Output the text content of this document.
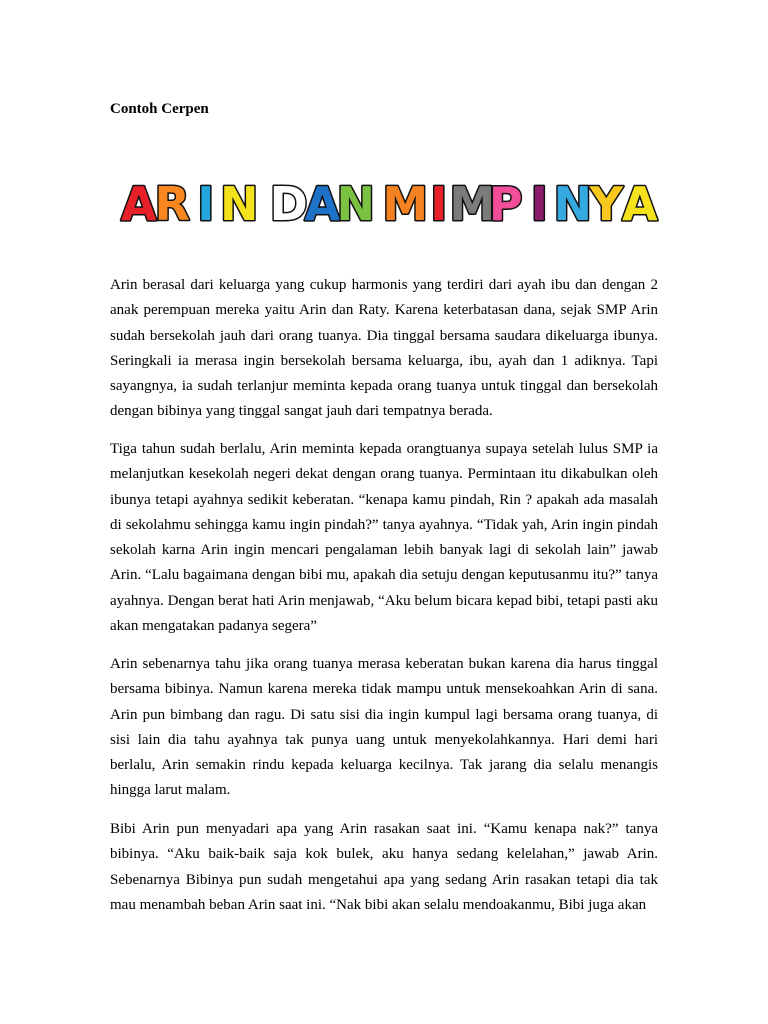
Contoh Cerpen

A
R I N D
A
N M I M
P I N
Y A

Arin berasal dari keluarga yang cukup harmonis yang terdiri dari ayah ibu dan dengan 2 anak perempuan mereka yaitu Arin dan Raty. Karena keterbatasan dana, sejak SMP Arin sudah bersekolah jauh dari orang tuanya. Dia tinggal bersama saudara dikeluarga ibunya. Seringkali ia merasa ingin bersekolah bersama keluarga, ibu, ayah dan 1 adiknya. Tapi sayangnya, ia sudah terlanjur meminta kepada orang tuanya untuk tinggal dan bersekolah dengan bibinya yang tinggal sangat jauh dari tempatnya berada.

Tiga tahun sudah berlalu, Arin meminta kepada orangtuanya supaya setelah lulus SMP ia melanjutkan kesekolah negeri dekat dengan orang tuanya. Permintaan itu dikabulkan oleh ibunya tetapi ayahnya sedikit keberatan. “kenapa kamu pindah, Rin ? apakah ada masalah di sekolahmu sehingga kamu ingin pindah?” tanya ayahnya. “Tidak yah, Arin ingin pindah sekolah karna Arin ingin mencari pengalaman lebih banyak lagi di sekolah lain” jawab Arin. “Lalu bagaimana dengan bibi mu, apakah dia setuju dengan keputusanmu itu?” tanya ayahnya. Dengan berat hati Arin menjawab, “Aku belum bicara kepad bibi, tetapi pasti aku akan mengatakan padanya segera”

Arin sebenarnya tahu jika orang tuanya merasa keberatan bukan karena dia harus tinggal bersama bibinya. Namun karena mereka tidak mampu untuk mensekoahkan Arin di sana. Arin pun bimbang dan ragu. Di satu sisi dia ingin kumpul lagi bersama orang tuanya, di sisi lain dia tahu ayahnya tak punya uang untuk menyekolahkannya. Hari demi hari berlalu, Arin semakin rindu kepada keluarga kecilnya. Tak jarang dia selalu menangis hingga larut malam.

Bibi Arin pun menyadari apa yang Arin rasakan saat ini. “Kamu kenapa nak?” tanya bibinya. “Aku baik-baik saja kok bulek, aku hanya sedang kelelahan,” jawab Arin. Sebenarnya Bibinya pun sudah mengetahui apa yang sedang Arin rasakan tetapi dia tak mau menambah beban Arin saat ini. “Nak bibi akan selalu mendoakanmu, Bibi juga akan
